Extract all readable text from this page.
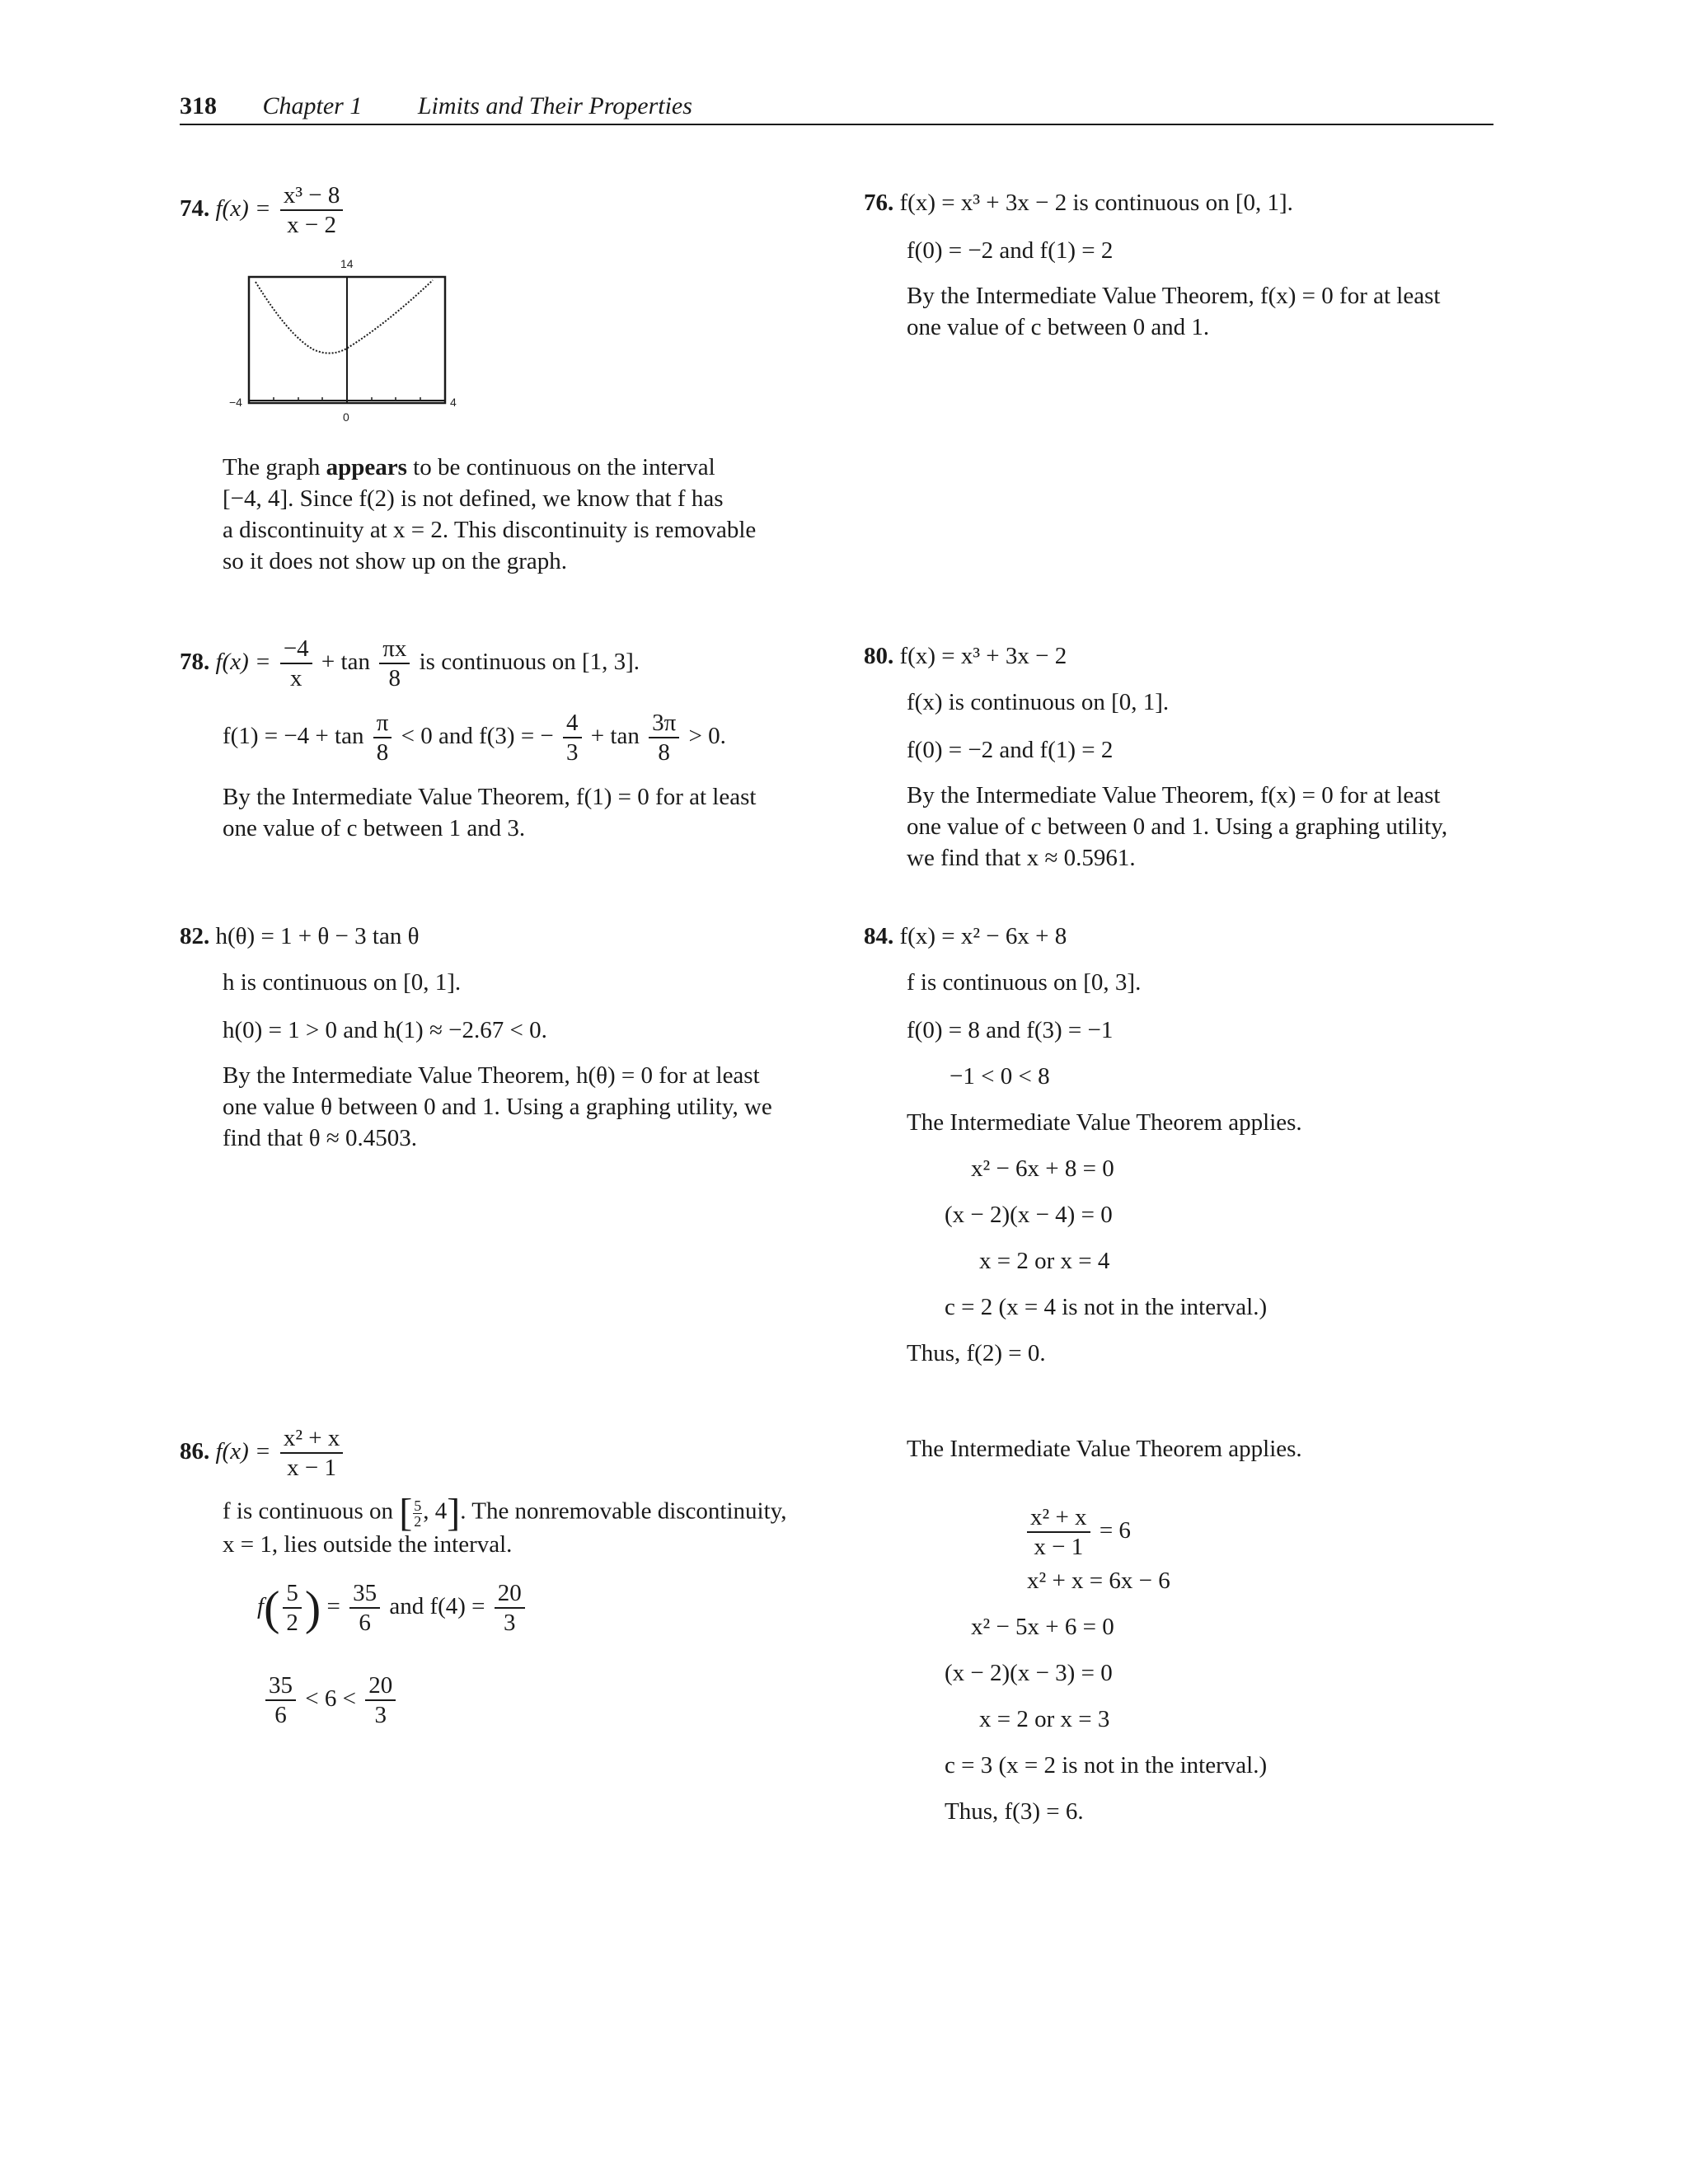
318 Chapter 1 Limits and Their Properties
74. $f(x) = \frac{\text{x³ − 8}}{x - 2}$
14
−4	4
0
The graph appears to be continuous on the interval
[−4, 4]. Since f(2) is not defined, we know that f has
a discontinuity at x = 2. This discontinuity is removable
so it does not show up on the graph.
76. f(x) = x³ + 3x − 2 is continuous on [0, 1].
f(0) = −2 and f(1) = 2
By the Intermediate Value Theorem, f(x) = 0 for at least
one value of c between 0 and 1.
78. $f(x) = \frac{-4}{x} + \tan \frac{\pi x}{8}$ is continuous on [1, 3].
$f(1) = -4 + \tan \frac{\pi}{8} < 0$ and f(3) = − $\frac{4}{3} + \tan \frac{3\pi}{8} > 0$.
By the Intermediate Value Theorem, f(1) = 0 for at least
one value of c between 1 and 3.
80. f(x) = x³ + 3x − 2
f(x) is continuous on [0, 1].
f(0) = −2 and f(1) = 2
By the Intermediate Value Theorem, f(x) = 0 for at least
one value of c between 0 and 1. Using a graphing utility,
we find that x ≈ 0.5961.
82. h(θ) = 1 + θ − 3 tan θ
h is continuous on [0, 1].
h(0) = 1 > 0 and h(1) ≈ −2.67 < 0.
By the Intermediate Value Theorem, h(θ) = 0 for at least
one value θ between 0 and 1. Using a graphing utility, we
find that θ ≈ 0.4503.
84. f(x) = x² − 6x + 8
f is continuous on [0, 3].
f(0) = 8 and f(3) = −1
−1 < 0 < 8
The Intermediate Value Theorem applies.
x² − 6x + 8 = 0
(x − 2)(x − 4) = 0
x = 2 or x = 4
c = 2 (x = 4 is not in the interval.)
Thus, f(2) = 0.
86. $f(x) = \frac{\text{x² + x}}{x - 1}$
f is continuous on [ $\frac{5}{2}$ , 4]. The nonremovable discontinuity,
x = 1, lies outside the interval.
$f( \frac{5}{2}$ ) = $\frac{35}{6}$ and $f(4) = \frac{20}{3}$
$\frac{35}{6} < 6 < \frac{20}{3}$
The Intermediate Value Theorem applies.
$\frac{\text{x² + x}}{x - 1} = 6$
x² + x = 6x − 6
x² − 5x + 6 = 0
(x − 2)(x − 3) = 0
x = 2 or x = 3
c = 3 (x = 2 is not in the interval.)
Thus, f(3) = 6.
